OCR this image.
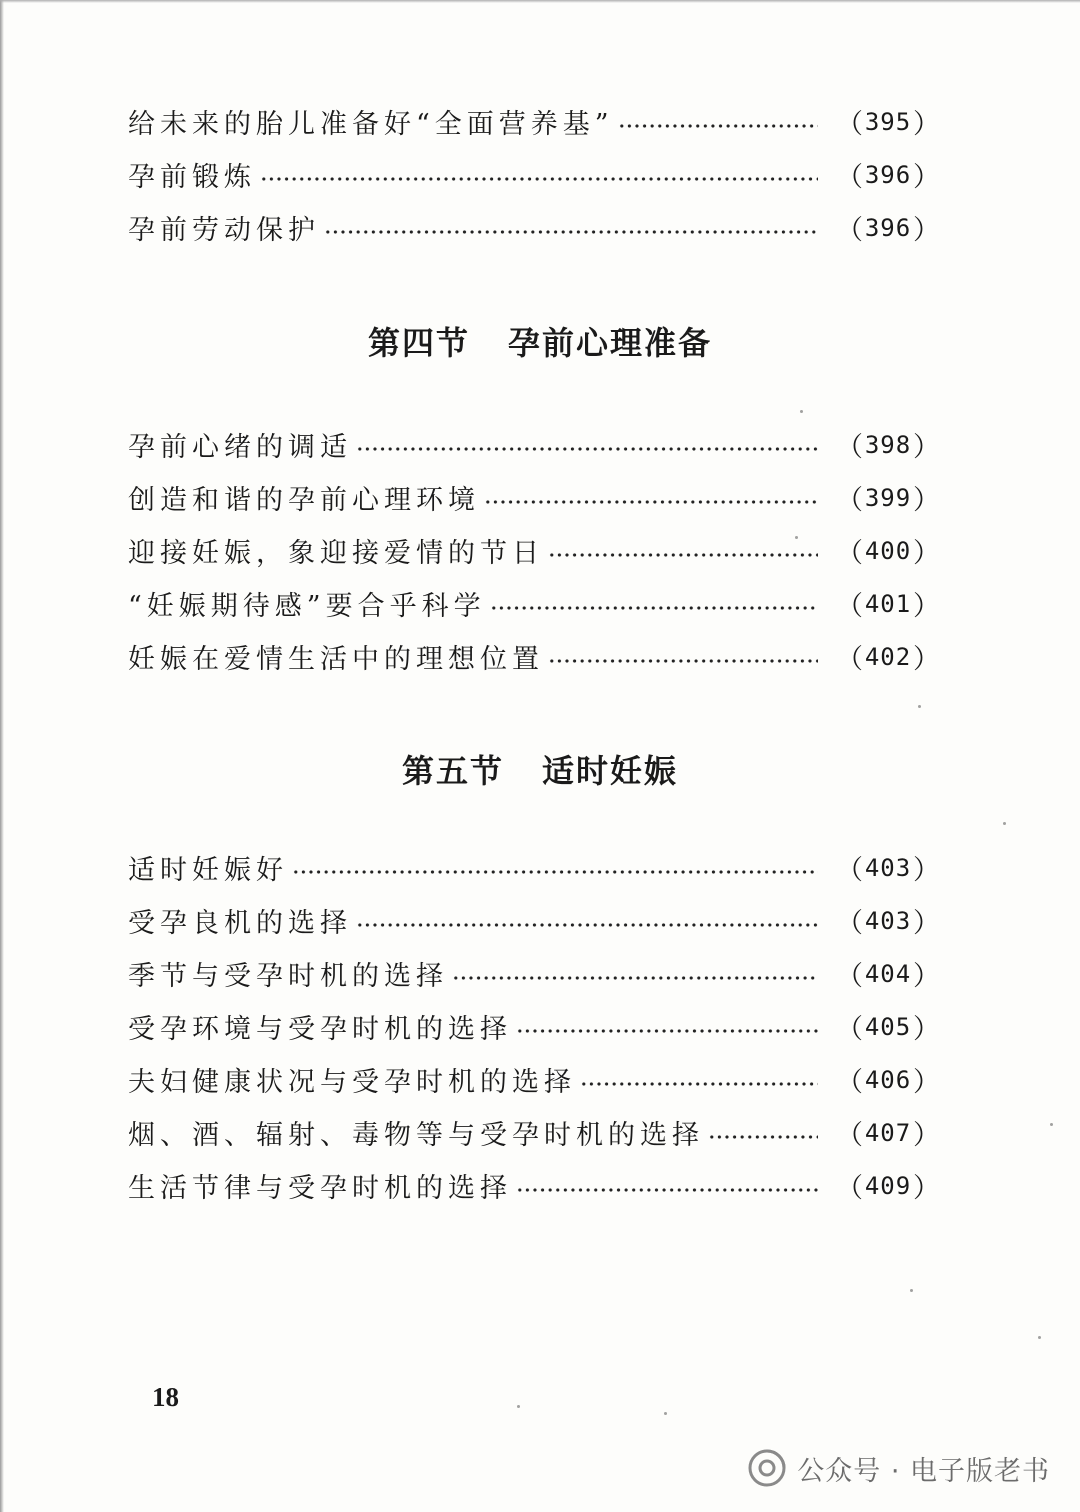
给未来的胎儿准备好“全面营养基”	（ 395 ）
孕前锻炼	（ 396 ）
孕前劳动保护	（ 396 ）
第四节 孕前心理准备
孕前心绪的调适	（ 398 ）
创造和谐的孕前心理环境	（ 399 ）
迎接妊娠，象迎接爱情的节日	（ 400 ）
“妊娠期待感”要合乎科学	（ 401 ）
妊娠在爱情生活中的理想位置	（ 402 ）
第五节 适时妊娠
适时妊娠好	（ 403 ）
受孕良机的选择	（ 403 ）
季节与受孕时机的选择	（ 404 ）
受孕环境与受孕时机的选择	（ 405 ）
夫妇健康状况与受孕时机的选择	（ 406 ）
烟、酒、辐射、毒物等与受孕时机的选择	（ 407 ）
生活节律与受孕时机的选择	（ 409 ）
18
公众号 · 电子版老书
